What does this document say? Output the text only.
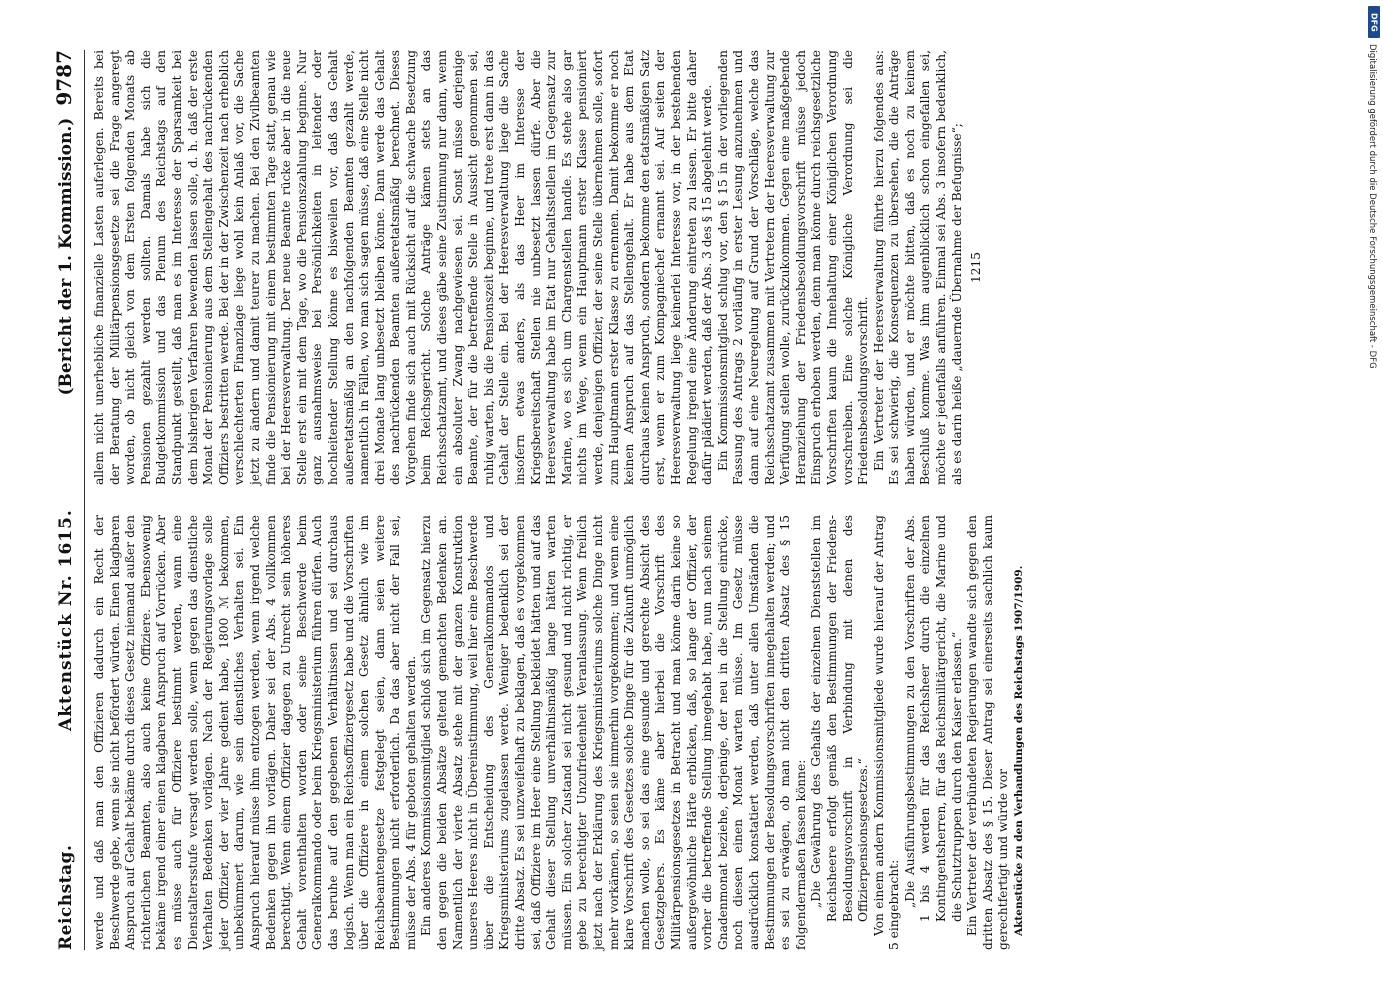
Reichstag.
Aktenstück Nr. 1615.
(Bericht der 1. Kommission.)
9787

werde und daß man den Offizieren dadurch ein Recht der Beschwerde gebe, wenn sie nicht befördert würden. Einen klagbaren Anspruch auf Gehalt bekäme durch dieses Gesetz niemand außer den richterlichen Beamten, also auch keine Offiziere. Ebensowenig bekäme irgend einer einen klagbaren Anspruch auf Vorrücken. Aber es müsse auch für Offiziere bestimmt werden, wann eine Dienstaltersstufe versagt werden solle, wenn gegen das dienstliche Verhalten Bedenken vorlägen. Nach der Regierungsvorlage solle jeder Offizier, der vier Jahre gedient habe, 1800 ℳ bekommen, unbekümmert darum, wie sein dienstliches Verhalten sei. Ein Anspruch hierauf müsse ihm entzogen werden, wenn irgend welche Bedenken gegen ihn vorlägen. Daher sei der Abs. 4 vollkommen berechtigt. Wenn einem Offizier dagegen zu Unrecht sein höheres Gehalt vorenthalten worden oder seine Beschwerde beim Generalkommando oder beim Kriegsministerium führen dürfen. Auch das beruhe auf den gegebenen Verhältnissen und sei durchaus logisch. Wenn man ein Reichsoffiziergesetz habe und die Vorschriften über die Offiziere in einem solchen Gesetz ähnlich wie im Reichsbeamtengesetze festgelegt seien, dann seien weitere Bestimmungen nicht erforderlich. Da das aber nicht der Fall sei, müsse der Abs. 4 für geboten gehalten werden. Ein anderes Kommissionsmitglied schloß sich im Gegensatz hierzu den gegen die beiden Absätze geltend gemachten Bedenken an. Namentlich der vierte Absatz stehe mit der ganzen Konstruktion unseres Heeres nicht in Übereinstimmung, weil hier eine Beschwerde über die Entscheidung des Generalkommandos und Kriegsministeriums zugelassen werde. Weniger bedenklich sei der dritte Absatz. Es sei unzweifelhaft zu beklagen, daß es vorgekommen sei, daß Offiziere im Heer eine Stellung bekleidet hätten und auf das Gehalt dieser Stellung unverhältnismäßig lange hätten warten müssen. Ein solcher Zustand sei nicht gesund und nicht richtig, er gebe zu berechtigter Unzufriedenheit Veranlassung. Wenn freilich jetzt nach der Erklärung des Kriegsministeriums solche Dinge nicht mehr vorkämen, so seien sie immerhin vorgekommen; und wenn eine klare Vorschrift des Gesetzes solche Dinge für die Zukunft unmöglich machen wolle, so sei das eine gesunde und gerechte Absicht des Gesetzgebers. Es käme aber hierbei die Vorschrift des Militärpensionsgesetzes in Betracht und man könne darin keine so außergewöhnliche Härte erblicken, daß, so lange der Offizier, der vorher die betreffende Stellung innegehabt habe, nun nach seinem Gnadenmonat beziehe, derjenige, der neu in die Stellung einrücke, noch diesen einen Monat warten müsse. Im Gesetz müsse ausdrücklich konstatiert werden, daß unter allen Umständen die Bestimmungen der Besoldungsvorschriften innegehalten werden; und es sei zu erwägen, ob man nicht den dritten Absatz des § 15 folgendermaßen fassen könne: „Die Gewährung des Gehalts der einzelnen Dienststellen im Reichsheere erfolgt gemäß den Bestimmungen der Friedens-Besoldungsvorschrift in Verbindung mit denen des Offizierpensionsgesetzes.“ Von einem andern Kommissionsmitgliede wurde hierauf der Antrag 5 eingebracht: „Die Ausführungsbestimmungen zu den Vorschriften der Abs. 1 bis 4 werden für das Reichsheer durch die einzelnen Kontingentsherren, für das Reichsmilitärgericht, die Marine und die Schutztruppen durch den Kaiser erlassen.“ Ein Vertreter der verbündeten Regierungen wandte sich gegen den dritten Absatz des § 15. Dieser Antrag sei einerseits sachlich kaum gerechtfertigt und würde vor Aktenstücke zu den Verhandlungen des Reichstags 1907/1909.

allem nicht unerhebliche finanzielle Lasten auferlegen. Bereits bei der Beratung der Militärpensionsgesetze sei die Frage angeregt worden, ob nicht gleich von dem Ersten folgenden Monats ab Pensionen gezahlt werden sollten. Damals habe sich die Budgetkommission und das Plenum des Reichstags auf den Standpunkt gestellt, daß man es im Interesse der Sparsamkeit bei dem bisherigen Verfahren bewenden lassen solle, d. h. daß der erste Monat der Pensionierung aus dem Stellengehalt des nachrückenden Offiziers bestritten werde. Bei der in der Zwischenzeit nach erheblich verschlechterten Finanzlage liege wohl kein Anlaß vor, die Sache jetzt zu ändern und damit teurer zu machen. Bei den Zivilbeamten finde die Pensionierung mit einem bestimmten Tage statt, genau wie bei der Heeresverwaltung. Der neue Beamte rücke aber in die neue Stelle erst ein mit dem Tage, wo die Pensionszahlung beginne. Nur ganz ausnahmsweise bei Persönlichkeiten in leitender oder hochleitender Stellung könne es bisweilen vor, daß das Gehalt außeretatsmäßig an den nachfolgenden Beamten gezahlt werde, namentlich in Fällen, wo man sich sagen müsse, daß eine Stelle nicht drei Monate lang unbesetzt bleiben könne. Dann werde das Gehalt des nachrückenden Beamten außeretatsmäßig berechnet. Dieses Vorgehen finde sich auch mit Rücksicht auf die schwache Besetzung beim Reichsgericht. Solche Anträge kämen stets an das Reichsschatzamt, und dieses gäbe seine Zustimmung nur dann, wenn ein absoluter Zwang nachgewiesen sei. Sonst müsse derjenige Beamte, der für die betreffende Stelle in Aussicht genommen sei, ruhig warten, bis die Pensionszeit beginne, und trete erst dann in das Gehalt der Stelle ein. Bei der Heeresverwaltung liege die Sache insofern etwas anders, als das Heer im Interesse der Kriegsbereitschaft Stellen nie unbesetzt lassen dürfe. Aber die Heeresverwaltung habe im Etat nur Gehaltsstellen im Gegensatz zur Marine, wo es sich um Chargenstellen handle. Es stehe also gar nichts im Wege, wenn ein Hauptmann erster Klasse pensioniert werde, denjenigen Offizier, der seine Stelle übernehmen solle, sofort zum Hauptmann erster Klasse zu ernennen. Damit bekomme er noch keinen Anspruch auf das Stellengehalt. Er habe aus dem Etat durchaus keinen Anspruch, sondern bekomme den etatsmäßigen Satz erst, wenn er zum Kompagniechef ernannt sei. Auf seiten der Heeresverwaltung liege keinerlei Interesse vor, in der bestehenden Regelung irgend eine Änderung eintreten zu lassen. Er bitte daher dafür plädiert werden, daß der Abs. 3 des § 15 abgelehnt werde. Ein Kommissionsmitglied schlug vor, den § 15 in der vorliegenden Fassung des Antrags 2 vorläufig in erster Lesung anzunehmen und dann auf eine Neuregelung auf Grund der Vorschläge, welche das Reichsschatzamt zusammen mit Vertretern der Heeresverwaltung zur Verfügung stellen wolle, zurückzukommen. Gegen eine maßgebende Heranziehung der Friedensbesoldungsvorschrift müsse jedoch Einspruch erhoben werden, denn man könne durch reichsgesetzliche Vorschriften kaum die Innehaltung einer Königlichen Verordnung vorschreiben. Eine solche Königliche Verordnung sei die Friedensbesoldungsvorschrift. Ein Vertreter der Heeresverwaltung führte hierzu folgendes aus: Es sei schwierig, die Konsequenzen zu übersehen, die die Anträge haben würden, und er möchte bitten, daß es noch zu keinem Beschluß komme. Was ihm augenblicklich schon eingefallen sei, möchte er jedenfalls anführen. Einmal sei Abs. 3 insofern bedenklich, als es darin heiße „dauernde Übernahme der Befugnisse“; 1215

DFG
Digitalisierung gefördert durch die Deutsche Forschungsgemeinschaft - DFG
